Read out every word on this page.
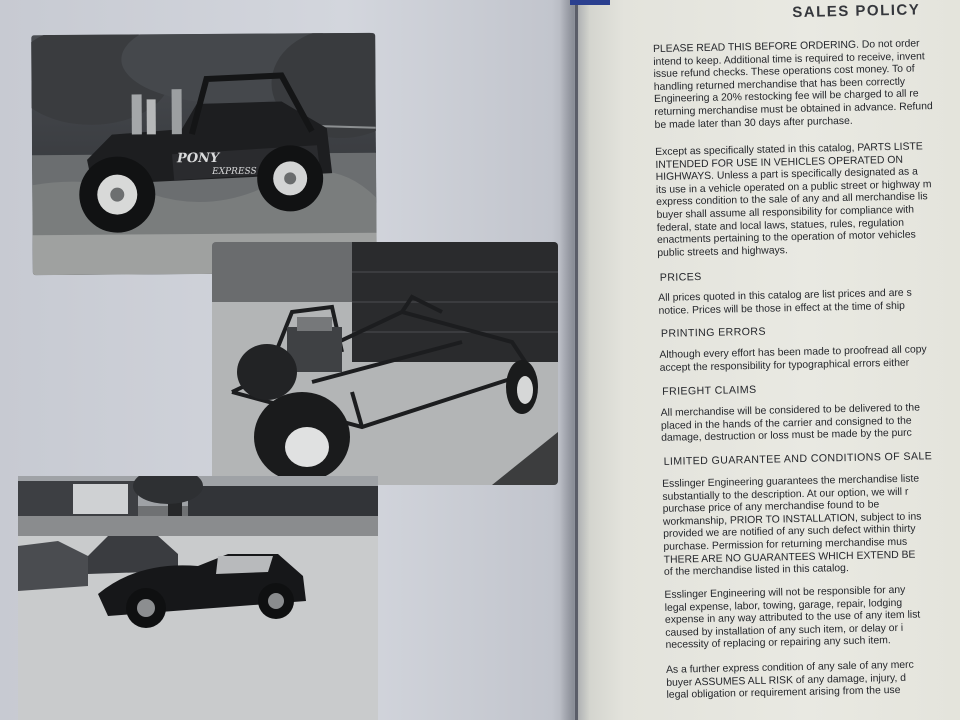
PONY
EXPRESS
SALES POLICY
PLEASE READ THIS BEFORE ORDERING. Do not order
intend to keep. Additional time is required to receive, invent
issue refund checks. These operations cost money. To of
handling returned merchandise that has been correctly
Engineering a 20% restocking fee will be charged to all re
returning merchandise must be obtained in advance. Refund
be made later than 30 days after purchase.
Except as specifically stated in this catalog, PARTS LISTE
INTENDED FOR USE IN VEHICLES OPERATED ON
HIGHWAYS. Unless a part is specifically designated as a
its use in a vehicle operated on a public street or highway m
express condition to the sale of any and all merchandise lis
buyer shall assume all responsibility for compliance with
federal, state and local laws, statues, rules, regulation
enactments pertaining to the operation of motor vehicles
public streets and highways.
PRICES
All prices quoted in this catalog are list prices and are s
notice. Prices will be those in effect at the time of ship
PRINTING ERRORS
Although every effort has been made to proofread all copy
accept the responsibility for typographical errors either
FRIEGHT CLAIMS
All merchandise will be considered to be delivered to the
placed in the hands of the carrier and consigned to the
damage, destruction or loss must be made by the purc
LIMITED GUARANTEE AND CONDITIONS OF SALE
Esslinger Engineering guarantees the merchandise liste
substantially to the description. At our option, we will r
purchase price of any merchandise found to be
workmanship, PRIOR TO INSTALLATION, subject to ins
provided we are notified of any such defect within thirty
purchase. Permission for returning merchandise mus
THERE ARE NO GUARANTEES WHICH EXTEND BE
of the merchandise listed in this catalog.
Esslinger Engineering will not be responsible for any
legal expense, labor, towing, garage, repair, lodging
expense in any way attributed to the use of any item list
caused by installation of any such item, or delay or i
necessity of replacing or repairing any such item.
As a further express condition of any sale of any merc
buyer ASSUMES ALL RISK of any damage, injury, d
legal obligation or requirement arising from the use
